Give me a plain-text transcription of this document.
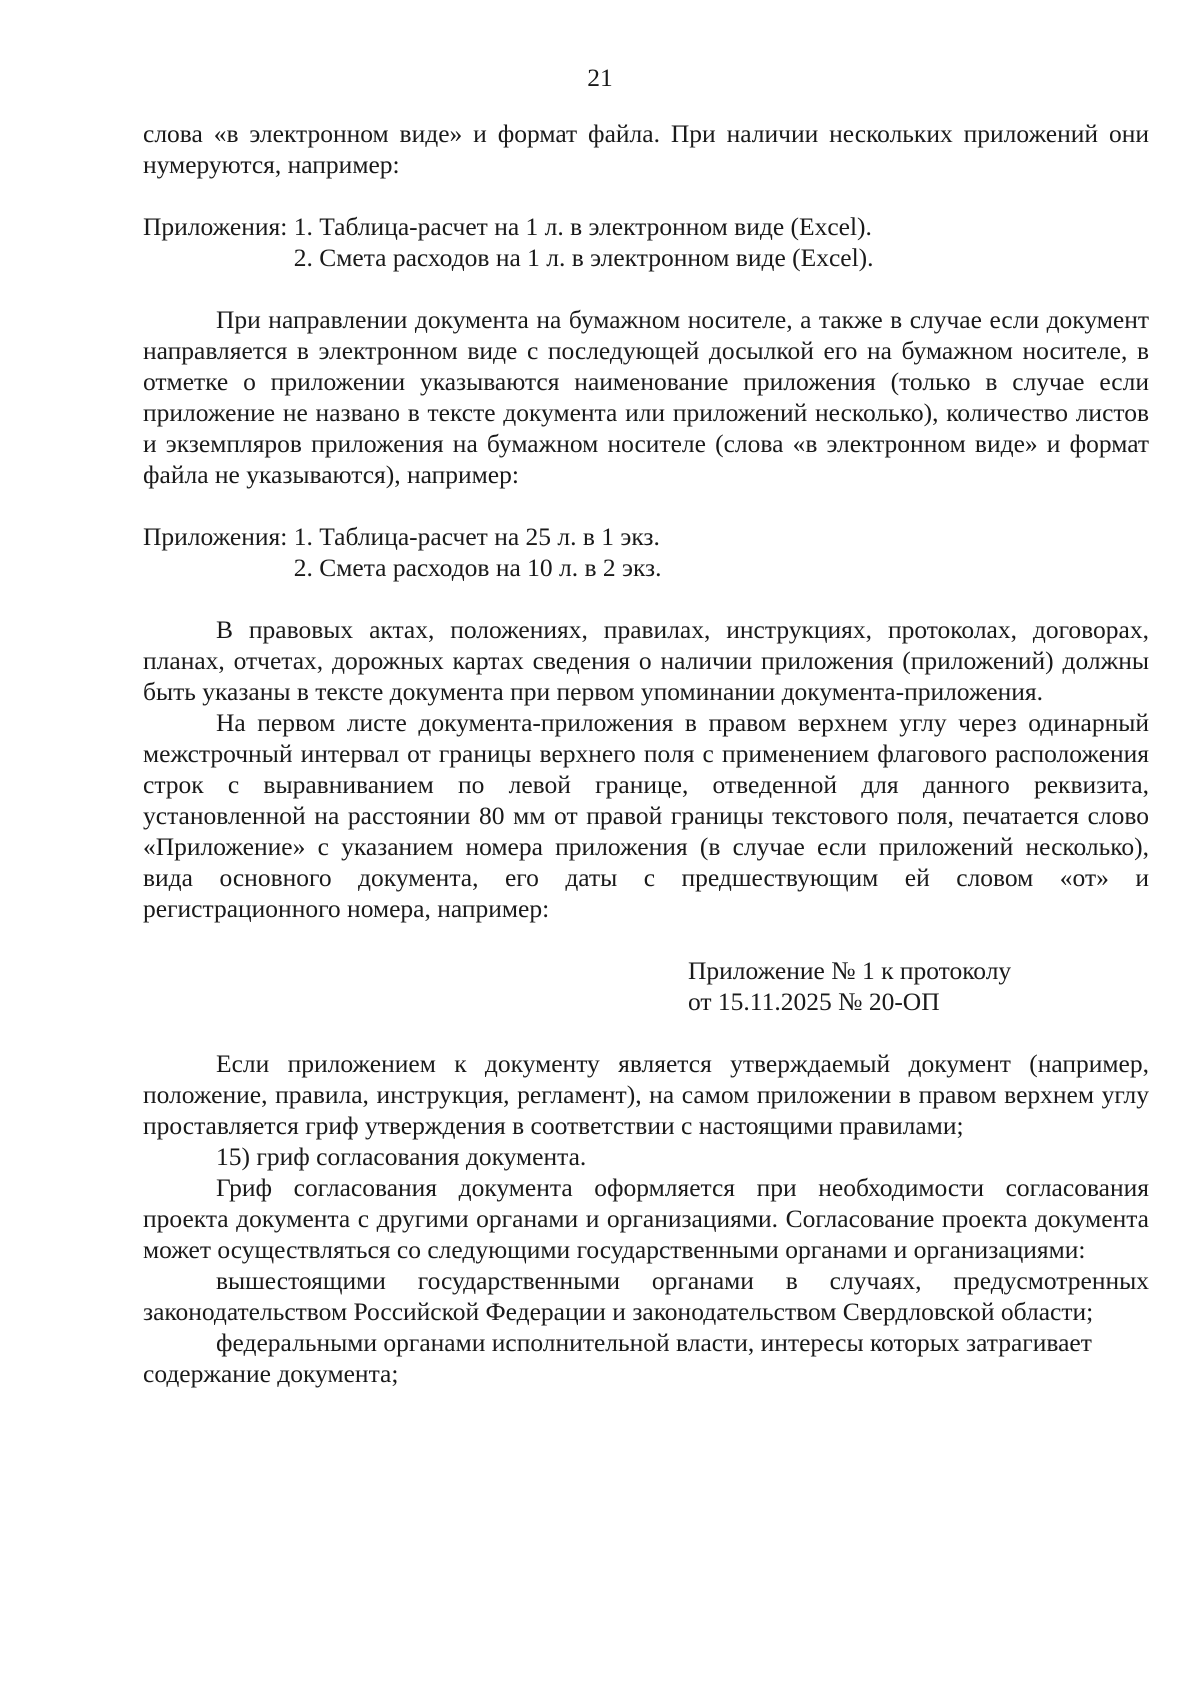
21

слова «в электронном виде» и формат файла. При наличии нескольких приложений они нумеруются, например:

Приложения: 1. Таблица-расчет на 1 л. в электронном виде (Excel).
2. Смета расходов на 1 л. в электронном виде (Excel).

При направлении документа на бумажном носителе, а также в случае если документ направляется в электронном виде с последующей досылкой его на бумажном носителе, в отметке о приложении указываются наименование приложения (только в случае если приложение не названо в тексте документа или приложений несколько), количество листов и экземпляров приложения на бумажном носителе (слова «в электронном виде» и формат файла не указываются), например:

Приложения: 1. Таблица-расчет на 25 л. в 1 экз.
2. Смета расходов на 10 л. в 2 экз.

В правовых актах, положениях, правилах, инструкциях, протоколах, договорах, планах, отчетах, дорожных картах сведения о наличии приложения (приложений) должны быть указаны в тексте документа при первом упоминании документа-приложения.

На первом листе документа-приложения в правом верхнем углу через одинарный межстрочный интервал от границы верхнего поля с применением флагового расположения строк с выравниванием по левой границе, отведенной для данного реквизита, установленной на расстоянии 80 мм от правой границы текстового поля, печатается слово «Приложение» с указанием номера приложения (в случае если приложений несколько), вида основного документа, его даты с предшествующим ей словом «от» и регистрационного номера, например:

Приложение № 1 к протоколу
от 15.11.2025 № 20-ОП

Если приложением к документу является утверждаемый документ (например, положение, правила, инструкция, регламент), на самом приложении в правом верхнем углу проставляется гриф утверждения в соответствии с настоящими правилами;

15) гриф согласования документа.

Гриф согласования документа оформляется при необходимости согласования проекта документа с другими органами и организациями. Согласование проекта документа может осуществляться со следующими государственными органами и организациями:

вышестоящими государственными органами в случаях, предусмотренных законодательством Российской Федерации и законодательством Свердловской области;

федеральными органами исполнительной власти, интересы которых затрагивает содержание документа;
